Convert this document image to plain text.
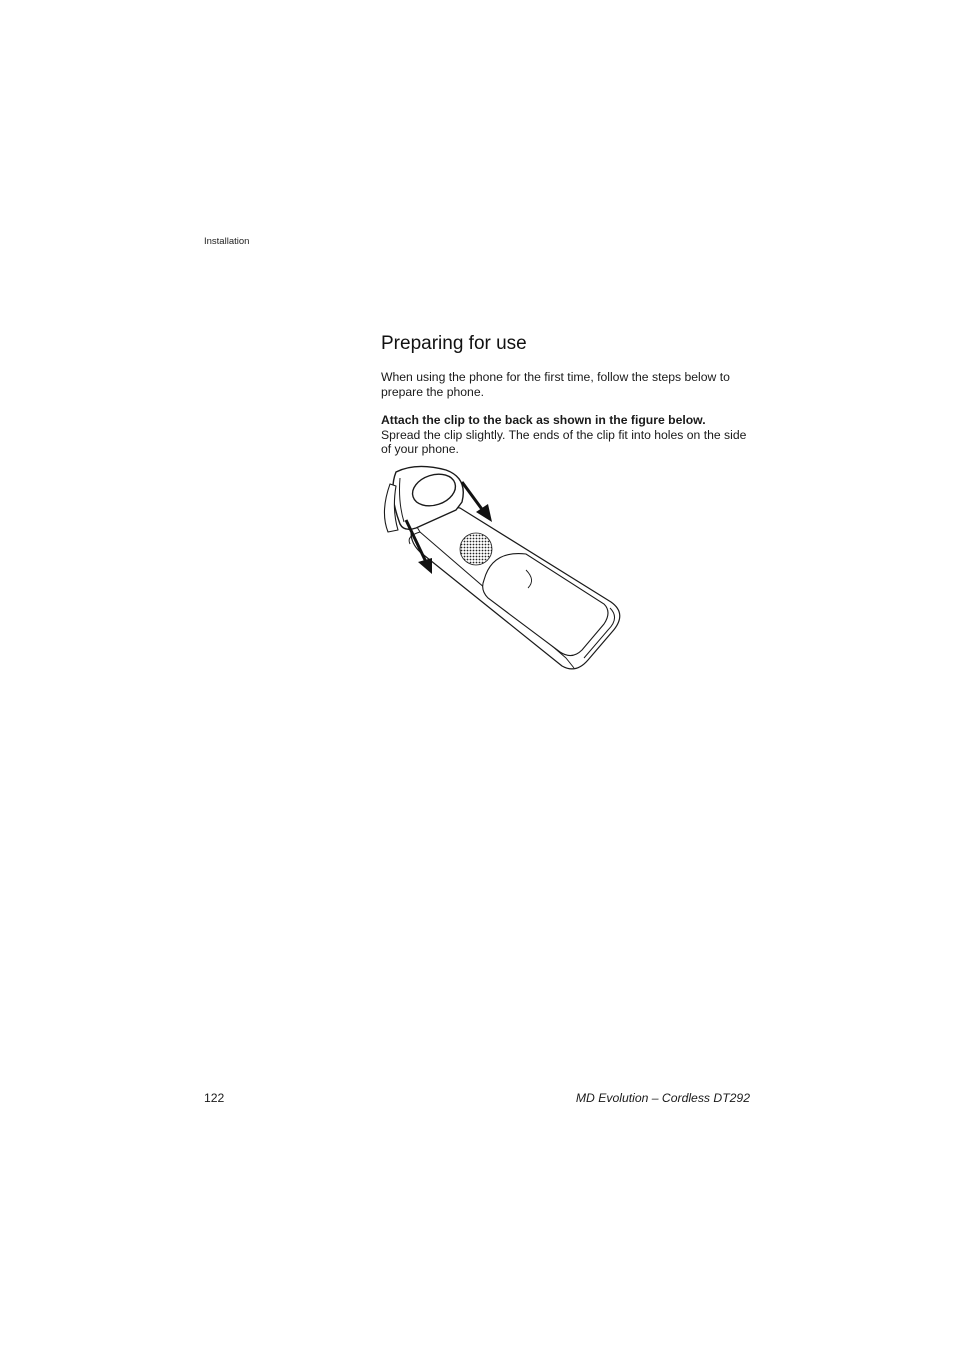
Installation
Preparing for use

When using the phone for the first time, follow the steps below to prepare the phone.

Attach the clip to the back as shown in the figure below.

Spread the clip slightly. The ends of the clip fit into holes on the side of your phone.

122	MD Evolution – Cordless DT292
